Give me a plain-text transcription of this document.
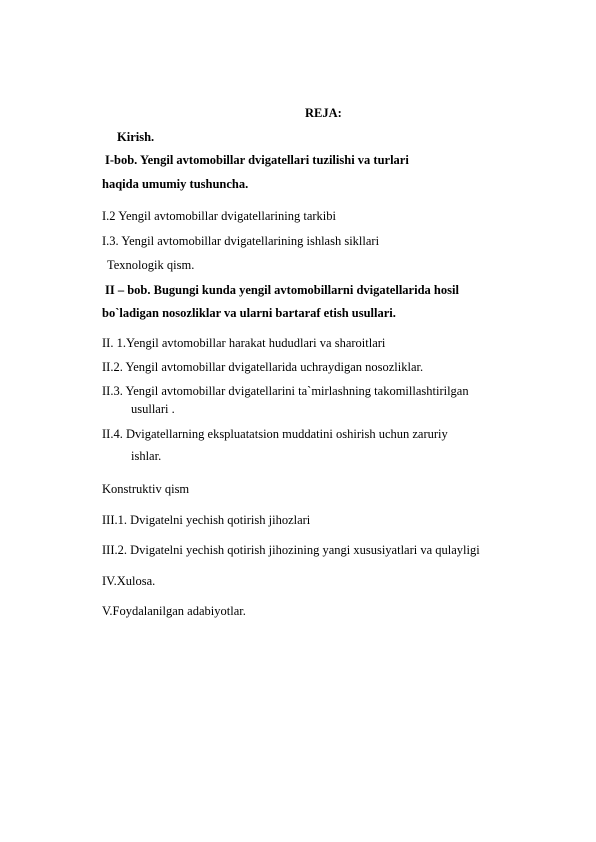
REJA:
Kirish.
I-bob. Yengil avtomobillar dvigatellari tuzilishi va turlari
haqida umumiy tushuncha.
I.2 Yengil avtomobillar dvigatellarining tarkibi
I.3. Yengil avtomobillar dvigatellarining ishlash sikllari
Texnologik qism.
II – bob. Bugungi kunda yengil avtomobillarni dvigatellarida hosil
bo`ladigan nosozliklar va ularni bartaraf etish usullari.
II. 1.Yengil avtomobillar harakat hududlari va sharoitlari
II.2. Yengil avtomobillar dvigatellarida uchraydigan nosozliklar.
II.3. Yengil avtomobillar dvigatellarini ta`mirlashning takomillashtirilgan
usullari .
II.4. Dvigatellarning ekspluatatsion muddatini oshirish uchun zaruriy
ishlar.
Konstruktiv qism
III.1. Dvigatelni yechish qotirish jihozlari
III.2. Dvigatelni yechish qotirish jihozining yangi xususiyatlari va qulayligi
IV.Xulosa.
V.Foydalanilgan adabiyotlar.
